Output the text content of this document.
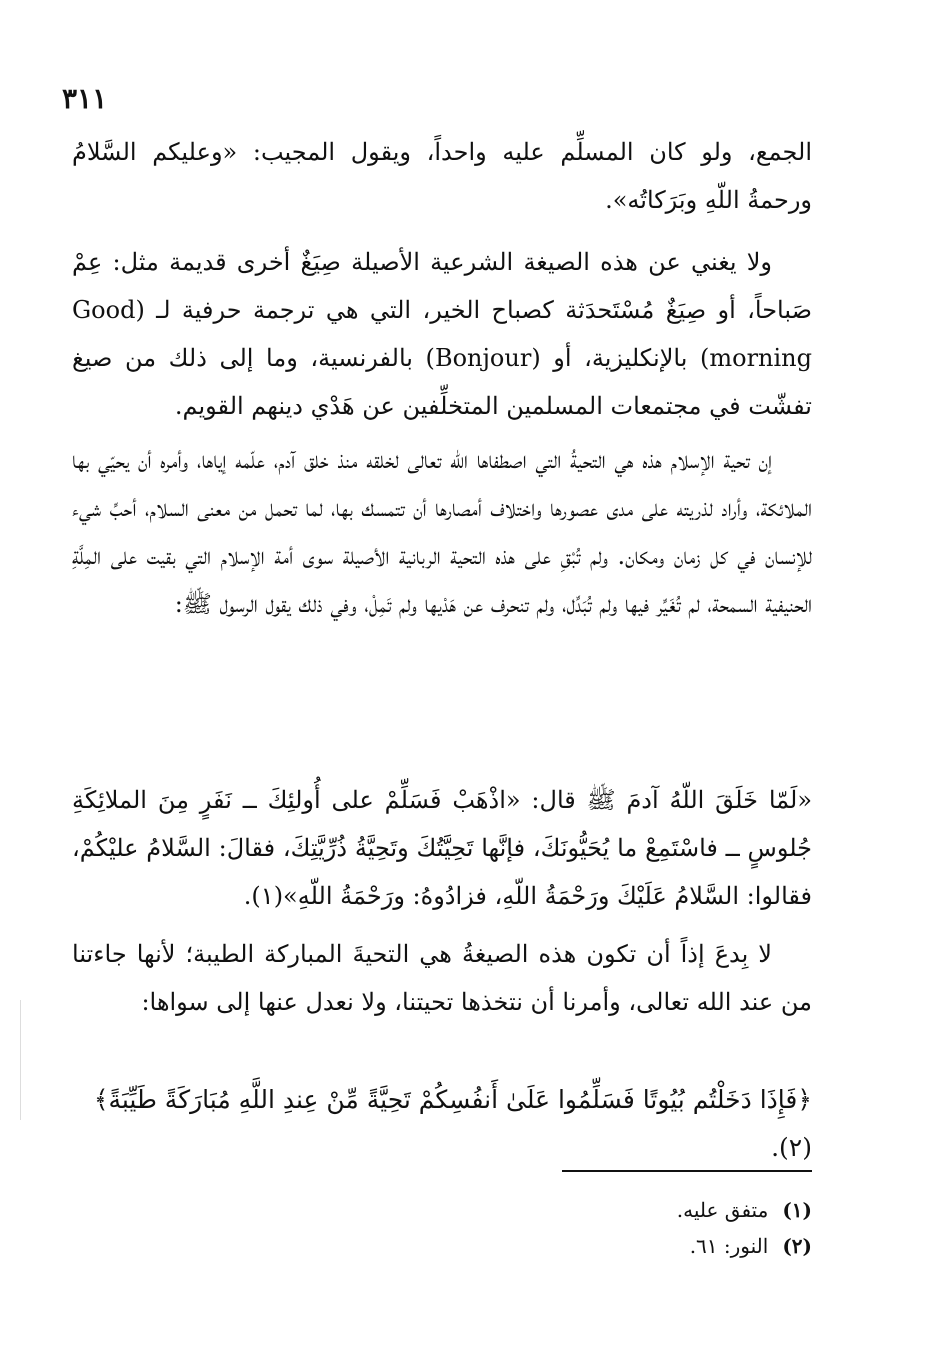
٣١١

الجمع، ولو كان المسلِّم عليه واحداً، ويقول المجيب: «وعليكم السَّلامُ ورحمةُ اللّهِ وبَرَكاتُه».

ولا يغني عن هذه الصيغة الشرعية الأصيلة صِيَغٌ أخرى قديمة مثل: عِمْ صَباحاً، أو صِيَغٌ مُسْتَحدَثة كصباح الخير، التي هي ترجمة حرفية لـ (Good morning) بالإنكليزية، أو (Bonjour) بالفرنسية، وما إلى ذلك من صيغ تفشّت في مجتمعات المسلمين المتخلِّفين عن هَدْي دينهم القويم.

إن تحية الإسلام هذه هي التحيةُ التي اصطفاها الله تعالى لخلقه منذ خلق آدم، علّمه إياها، وأمره أن يحيّي بها الملائكة، وأراد لذريته على مدى عصورها واختلاف أمصارها أن تتمسك بها، لما تحمل من معنى السلام، أحبِّ شيء للإنسان في كل زمان ومكان. ولم تُبْقِ على هذه التحية الربانية الأصيلة سوى أمة الإسلام التي بقيت على المِلَّةِ الحنيفية السمحة، لم تُغَيِّر فيها ولم تُبَدِّل، ولم تنحرف عن هَدْيها ولم تَمِلْ، وفي ذلك يقول الرسول ﷺ:

«لَمّا خَلَقَ اللّهُ آدمَ ﷺ قال: «اذْهَبْ فَسَلِّمْ على أُولئِكَ ــ نَفَرٍ مِنَ الملائِكَةِ جُلوسٍ ــ فاسْتَمِعْ ما يُحَيُّونَكَ، فإنَّها تَحِيَّتُكَ وتَحِيَّةُ ذُرِّيَّتِكَ، فقالَ: السَّلامُ عليْكُمْ، فقالوا: السَّلامُ عَلَيْكَ ورَحْمَةُ اللّهِ، فزادُوهُ: ورَحْمَةُ اللّهِ»(١).

لا بِدعَ إذاً أن تكون هذه الصيغةُ هي التحيةَ المباركة الطيبة؛ لأنها جاءتنا من عند الله تعالى، وأمرنا أن نتخذها تحيتنا، ولا نعدل عنها إلى سواها:

﴿فَإِذَا دَخَلْتُم بُيُوتًا فَسَلِّمُوا عَلَىٰ أَنفُسِكُمْ تَحِيَّةً مِّنْ عِندِ اللَّهِ مُبَارَكَةً طَيِّبَةً﴾(٢).

(١)متفق عليه.

(٢)النور: ٦١.
